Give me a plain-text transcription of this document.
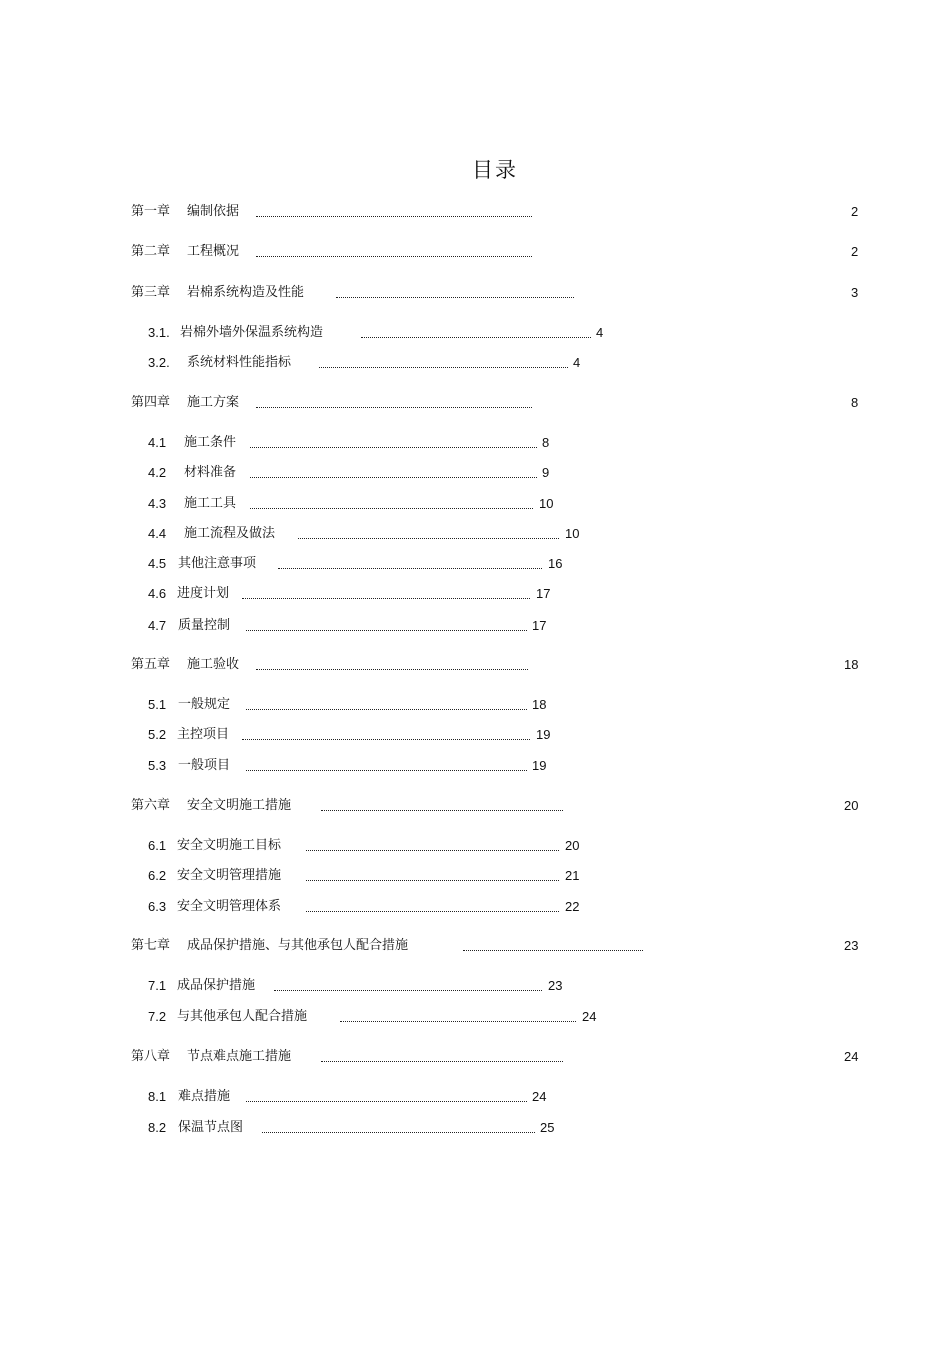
目录
第一章 编制依据	2
第二章 工程概况	2
第三章 岩棉系统构造及性能	3
3.1. 岩棉外墙外保温系统构造	4
3.2. 系统材料性能指标	4
第四章 施工方案	8
4.1 施工条件	8
4.2 材料准备	9
4.3 施工工具	10
4.4 施工流程及做法	10
4.5 其他注意事项	16
4.6 进度计划	17
4.7 质量控制	17
第五章 施工验收	18
5.1 一般规定	18
5.2 主控项目	19
5.3 一般项目	19
第六章 安全文明施工措施	20
6.1 安全文明施工目标	20
6.2 安全文明管理措施	21
6.3 安全文明管理体系	22
第七章 成品保护措施、与其他承包人配合措施	23
7.1 成品保护措施	23
7.2 与其他承包人配合措施	24
第八章 节点难点施工措施	24
8.1 难点措施	24
8.2 保温节点图	25
